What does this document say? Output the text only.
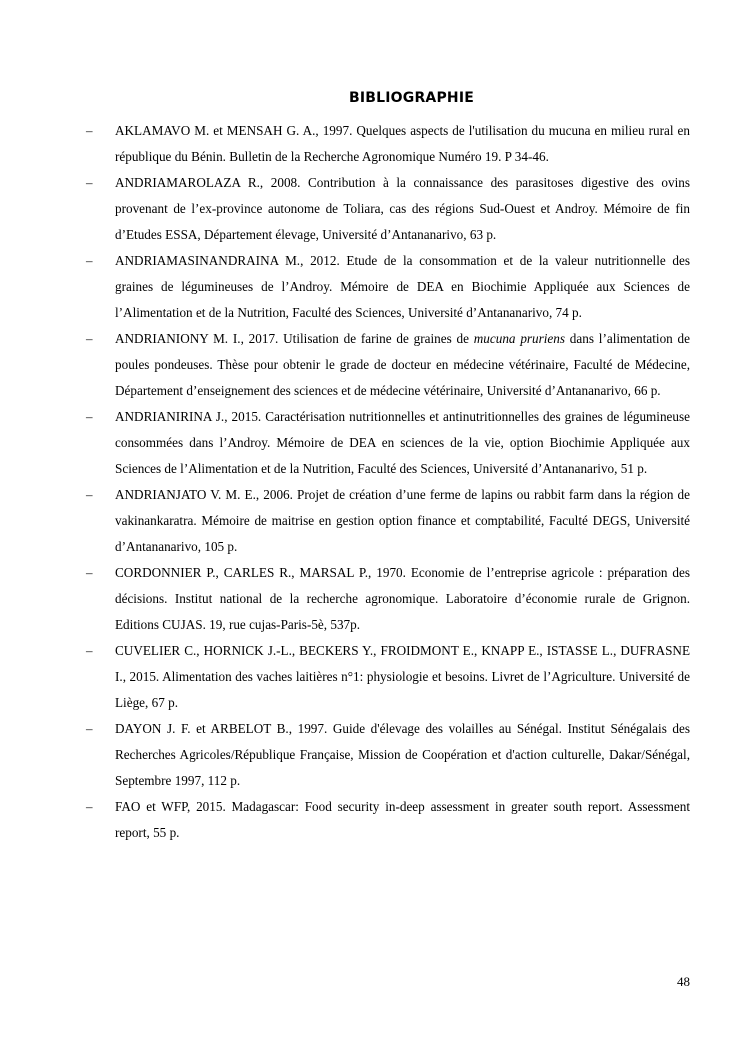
BIBLIOGRAPHIE
–	AKLAMAVO M. et MENSAH G. A., 1997. Quelques aspects de l'utilisation du mucuna en milieu rural en république du Bénin. Bulletin de la Recherche Agronomique Numéro 19. P 34-46.
–	ANDRIAMAROLAZA R., 2008. Contribution à la connaissance des parasitoses digestive des ovins provenant de l’ex-province autonome de Toliara, cas des régions Sud-Ouest et Androy. Mémoire de fin d’Etudes ESSA, Département élevage, Université d’Antananarivo, 63 p.
–	ANDRIAMASINANDRAINA M., 2012. Etude de la consommation et de la valeur nutritionnelle des graines de légumineuses de l’Androy. Mémoire de DEA en Biochimie Appliquée aux Sciences de l’Alimentation et de la Nutrition, Faculté des Sciences, Université d’Antananarivo, 74 p.
–	ANDRIANIONY M. I., 2017. Utilisation de farine de graines de mucuna pruriens dans l’alimentation de poules pondeuses. Thèse pour obtenir le grade de docteur en médecine vétérinaire, Faculté de Médecine, Département d’enseignement des sciences et de médecine vétérinaire, Université d’Antananarivo, 66 p.
–	ANDRIANIRINA J., 2015. Caractérisation nutritionnelles et antinutritionnelles des graines de légumineuse consommées dans l’Androy. Mémoire de DEA en sciences de la vie, option Biochimie Appliquée aux Sciences de l’Alimentation et de la Nutrition, Faculté des Sciences, Université d’Antananarivo, 51 p.
–	ANDRIANJATO V. M. E., 2006. Projet de création d’une ferme de lapins ou rabbit farm dans la région de vakinankaratra. Mémoire de maitrise en gestion option finance et comptabilité, Faculté DEGS, Université d’Antananarivo, 105 p.
–	CORDONNIER P., CARLES R., MARSAL P., 1970. Economie de l’entreprise agricole : préparation des décisions. Institut national de la recherche agronomique. Laboratoire d’économie rurale de Grignon. Editions CUJAS. 19, rue cujas-Paris-5è, 537p.
–	CUVELIER C., HORNICK J.-L., BECKERS Y., FROIDMONT E., KNAPP E., ISTASSE L., DUFRASNE I., 2015. Alimentation des vaches laitières n°1: physiologie et besoins. Livret de l’Agriculture. Université de Liège, 67 p.
–	DAYON J. F. et ARBELOT B., 1997. Guide d'élevage des volailles au Sénégal. Institut Sénégalais des Recherches Agricoles/République Française, Mission de Coopération et d'action culturelle, Dakar/Sénégal, Septembre 1997, 112 p.
–	FAO et WFP, 2015. Madagascar: Food security in-deep assessment in greater south report. Assessment report, 55 p.
48
